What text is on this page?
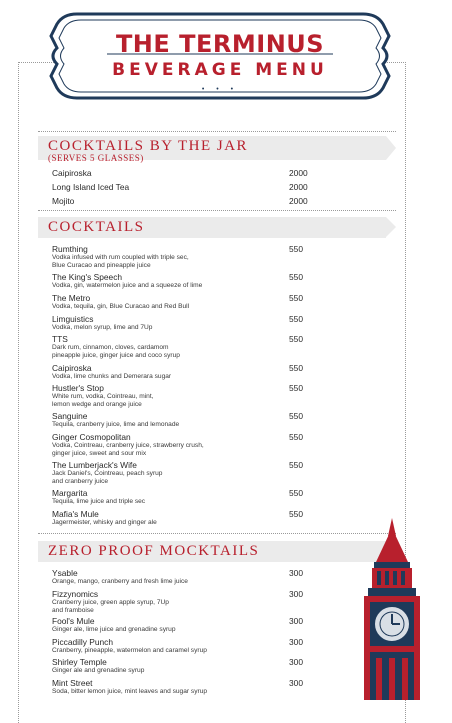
THE TERMINUS
BEVERAGE MENU
• • •
COCKTAILS BY THE JAR
(SERVES 5 GLASSES)
Caipiroska	2000
Long Island Iced Tea	2000
Mojito	2000
COCKTAILS
Rumthing
Vodka infused with rum coupled with triple sec,
Blue Curacao and pineapple juice
550
The King's Speech
Vodka, gin, watermelon juice and a squeeze of lime
550
The Metro
Vodka, tequila, gin, Blue Curacao and Red Bull
550
Limguistics
Vodka, melon syrup, lime and 7Up
550
TTS
Dark rum, cinnamon, cloves, cardamom
pineapple juice, ginger juice and coco syrup
550
Caipiroska
Vodka, lime chunks and Demerara sugar
550
Hustler's Stop
White rum, vodka, Cointreau, mint,
lemon wedge and orange juice
550
Sanguine
Tequila, cranberry juice, lime and lemonade
550
Ginger Cosmopolitan
Vodka, Cointreau, cranberry juice, strawberry crush,
ginger juice, sweet and sour mix
550
The Lumberjack's Wife
Jack Daniel's, Cointreau, peach syrup
and cranberry juice
550
Margarita
Tequila, lime juice and triple sec
550
Mafia's Mule
Jagermeister, whisky and ginger ale
550
ZERO PROOF MOCKTAILS
Ysable
Orange, mango, cranberry and fresh lime juice
300
Fizzynomics
Cranberry juice, green apple syrup, 7Up
and framboise
300
Fool's Mule
Ginger ale, lime juice and grenadine syrup
300
Piccadilly Punch
Cranberry, pineapple, watermelon and caramel syrup
300
Shirley Temple
Ginger ale and grenadine syrup
300
Mint Street
Soda, bitter lemon juice, mint leaves and sugar syrup
300
